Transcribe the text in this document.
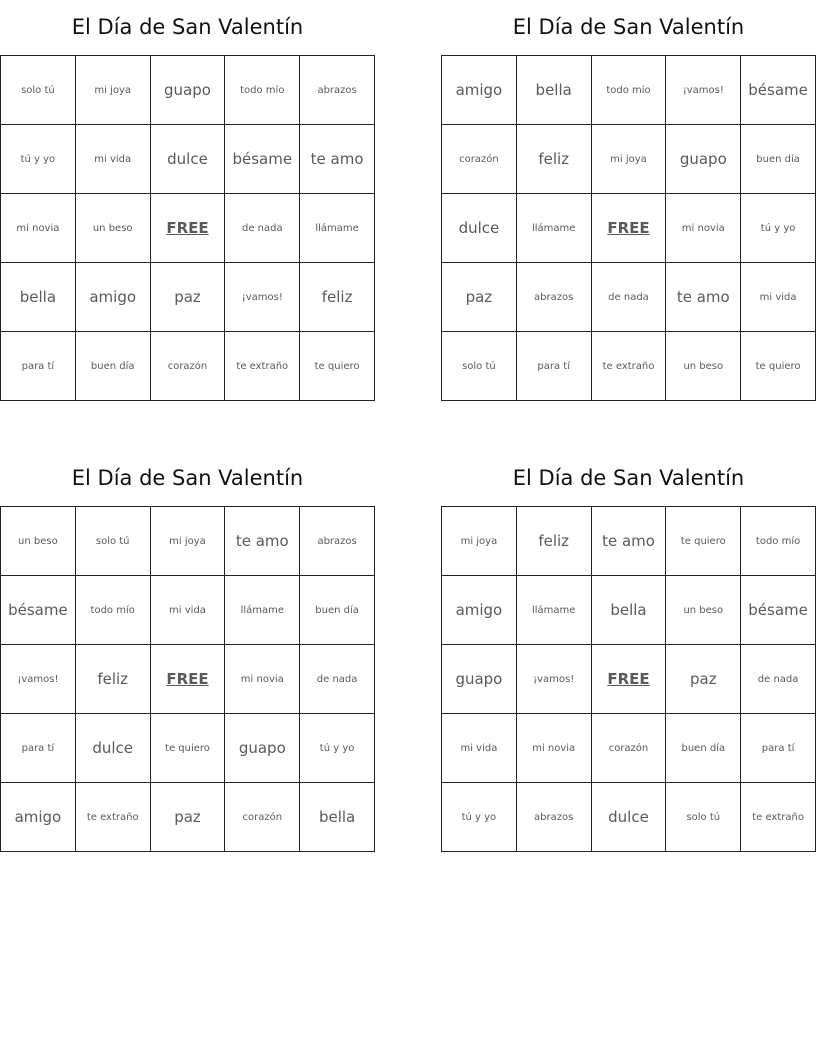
El Día de San Valentín
solo tú	mi joya	guapo	todo mío	abrazos
tú y yo	mi vida	dulce	bésame	te amo
mi novia	un beso	FREE	de nada	llámame
bella	amigo	paz	¡vamos!	feliz
para tí	buen día	corazón	te extraño	te quiero
El Día de San Valentín
amigo	bella	todo mío	¡vamos!	bésame
corazón	feliz	mi joya	guapo	buen día
dulce	llámame	FREE	mi novia	tú y yo
paz	abrazos	de nada	te amo	mi vida
solo tú	para tí	te extraño	un beso	te quiero
El Día de San Valentín
un beso	solo tú	mi joya	te amo	abrazos
bésame	todo mío	mi vida	llámame	buen día
¡vamos!	feliz	FREE	mi novia	de nada
para tí	dulce	te quiero	guapo	tú y yo
amigo	te extraño	paz	corazón	bella
El Día de San Valentín
mi joya	feliz	te amo	te quiero	todo mío
amigo	llámame	bella	un beso	bésame
guapo	¡vamos!	FREE	paz	de nada
mi vida	mi novia	corazón	buen día	para tí
tú y yo	abrazos	dulce	solo tú	te extraño
